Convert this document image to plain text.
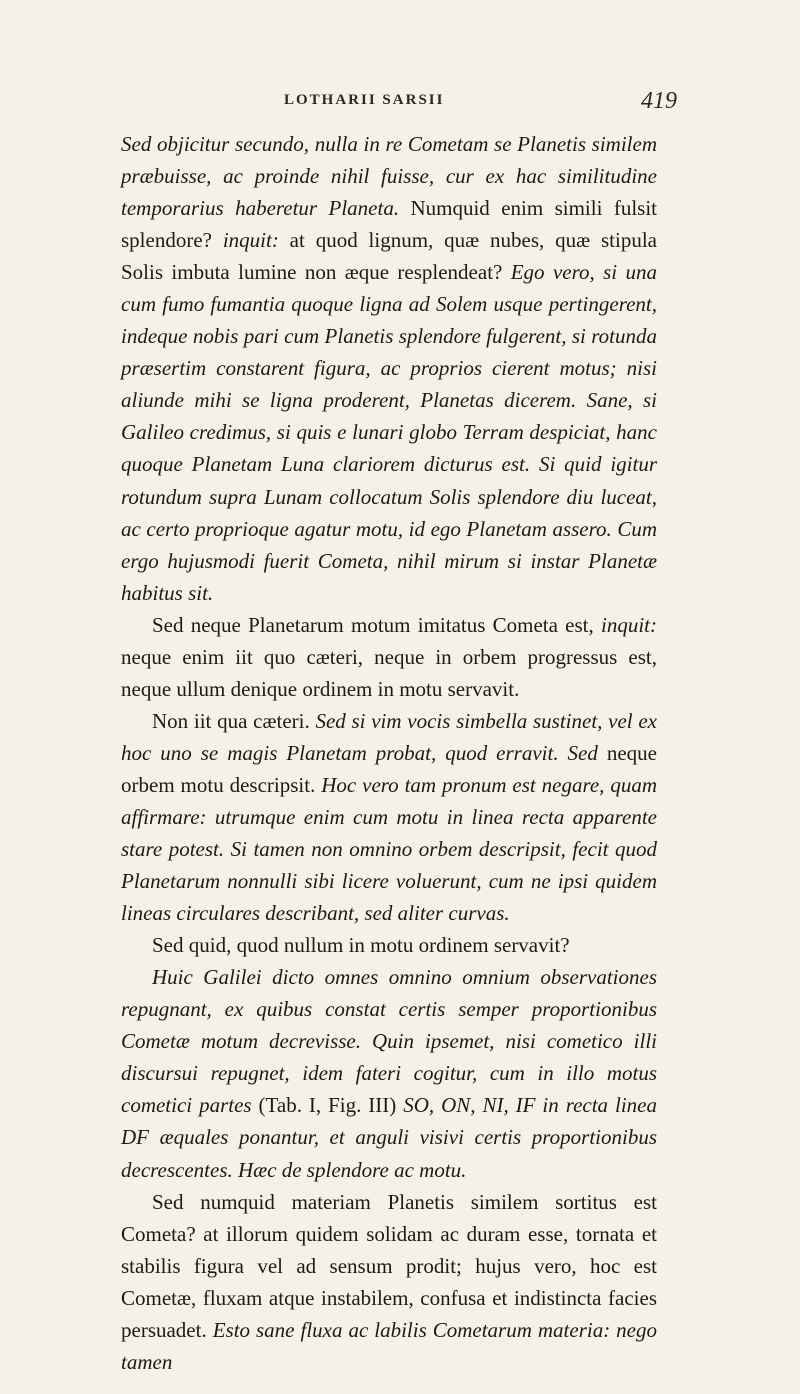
LOTHARII SARSII	419

Sed objicitur secundo, nulla in re Cometam se Planetis similem præbuisse, ac proinde nihil fuisse, cur ex hac similitudine temporarius haberetur Planeta. Numquid enim simili fulsit splendore? inquit: at quod lignum, quæ nubes, quæ stipula Solis imbuta lumine non æque resplendeat? Ego vero, si una cum fumo fumantia quoque ligna ad Solem usque pertingerent, indeque nobis pari cum Planetis splendore fulgerent, si rotunda præsertim constarent figura, ac proprios cierent motus; nisi aliunde mihi se ligna proderent, Planetas dicerem. Sane, si Galileo credimus, si quis e lunari globo Terram despiciat, hanc quoque Planetam Luna clariorem dicturus est. Si quid igitur rotundum supra Lunam collocatum Solis splendore diu luceat, ac certo proprioque agatur motu, id ego Planetam assero. Cum ergo hujusmodi fuerit Cometa, nihil mirum si instar Planetæ habitus sit.

Sed neque Planetarum motum imitatus Cometa est, inquit: neque enim iit quo cæteri, neque in orbem progressus est, neque ullum denique ordinem in motu servavit.

Non iit qua cæteri. Sed si vim vocis simbella sustinet, vel ex hoc uno se magis Planetam probat, quod erravit. Sed neque orbem motu descripsit. Hoc vero tam pronum est negare, quam affirmare: utrumque enim cum motu in linea recta apparente stare potest. Si tamen non omnino orbem descripsit, fecit quod Planetarum nonnulli sibi licere voluerunt, cum ne ipsi quidem lineas circulares describant, sed aliter curvas.

Sed quid, quod nullum in motu ordinem servavit?

Huic Galilei dicto omnes omnino omnium observationes repugnant, ex quibus constat certis semper proportionibus Cometæ motum decrevisse. Quin ipsemet, nisi cometico illi discursui repugnet, idem fateri cogitur, cum in illo motus cometici partes (Tab. I, Fig. III) SO, ON, NI, IF in recta linea DF æquales ponantur, et anguli visivi certis proportionibus decrescentes. Hæc de splendore ac motu.

Sed numquid materiam Planetis similem sortitus est Cometa? at illorum quidem solidam ac duram esse, tornata et stabilis figura vel ad sensum prodit; hujus vero, hoc est Cometæ, fluxam atque instabilem, confusa et indistincta facies persuadet. Esto sane fluxa ac labilis Cometarum materia: nego tamen
